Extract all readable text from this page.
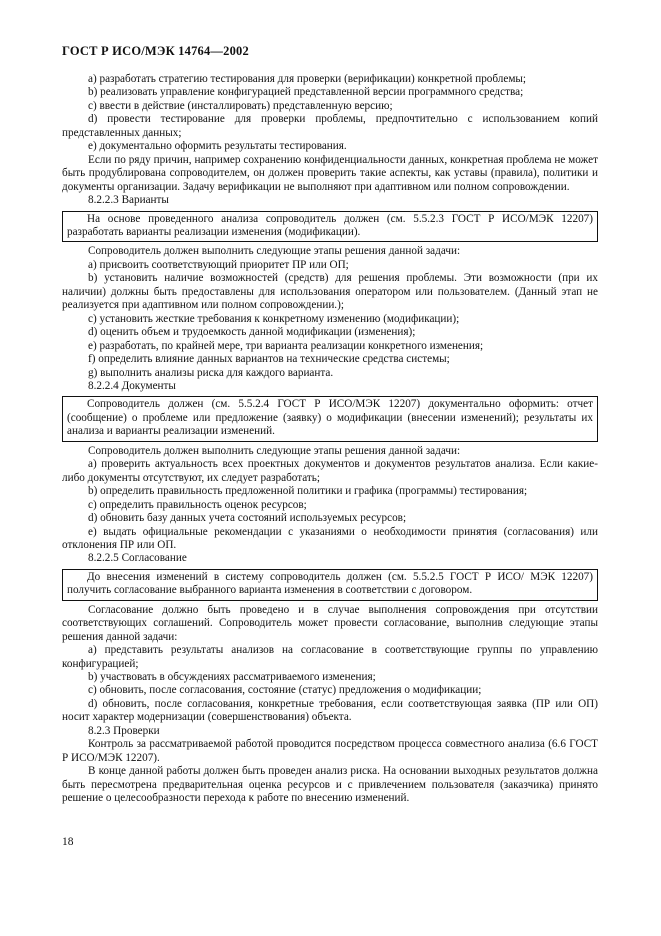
ГОСТ Р ИСО/МЭК 14764—2002

a) разработать стратегию тестирования для проверки (верификации) конкретной проблемы;

b) реализовать управление конфигурацией представленной версии программного средства;

c) ввести в действие (инсталлировать) представленную версию;

d) провести тестирование для проверки проблемы, предпочтительно с использованием копий представленных данных;

e) документально оформить результаты тестирования.

Если по ряду причин, например сохранению конфиденциальности данных, конкретная проблема не может быть продублирована сопроводителем, он должен проверить такие аспекты, как уставы (правила), политики и документы организации. Задачу верификации не выполняют при адаптивном или полном сопровождении.

8.2.2.3 Варианты

На основе проведенного анализа сопроводитель должен (см. 5.5.2.3 ГОСТ Р ИСО/МЭК 12207) разработать варианты реализации изменения (модификации).

Сопроводитель должен выполнить следующие этапы решения данной задачи:

a) присвоить соответствующий приоритет ПР или ОП;

b) установить наличие возможностей (средств) для решения проблемы. Эти возможности (при их наличии) должны быть предоставлены для использования оператором или пользователем. (Данный этап не реализуется при адаптивном или полном сопровождении.);

c) установить жесткие требования к конкретному изменению (модификации);

d) оценить объем и трудоемкость данной модификации (изменения);

e) разработать, по крайней мере, три варианта реализации конкретного изменения;

f) определить влияние данных вариантов на технические средства системы;

g) выполнить анализы риска для каждого варианта.

8.2.2.4 Документы

Сопроводитель должен (см. 5.5.2.4 ГОСТ Р ИСО/МЭК 12207) документально оформить: отчет (сообщение) о проблеме или предложение (заявку) о модификации (внесении изменений); результаты их анализа и варианты реализации изменений.

Сопроводитель должен выполнить следующие этапы решения данной задачи:

a) проверить актуальность всех проектных документов и документов результатов анализа. Если какие-либо документы отсутствуют, их следует разработать;

b) определить правильность предложенной политики и графика (программы) тестирования;

c) определить правильность оценок ресурсов;

d) обновить базу данных учета состояний используемых ресурсов;

e) выдать официальные рекомендации с указаниями о необходимости принятия (согласования) или отклонения ПР или ОП.

8.2.2.5 Согласование

До внесения изменений в систему сопроводитель должен (см. 5.5.2.5 ГОСТ Р ИСО/ МЭК 12207) получить согласование выбранного варианта изменения в соответствии с договором.

Согласование должно быть проведено и в случае выполнения сопровождения при отсутствии соответствующих соглашений. Сопроводитель может провести согласование, выполнив следующие этапы решения данной задачи:

a) представить результаты анализов на согласование в соответствующие группы по управлению конфигурацией;

b) участвовать в обсуждениях рассматриваемого изменения;

c) обновить, после согласования, состояние (статус) предложения о модификации;

d) обновить, после согласования, конкретные требования, если соответствующая заявка (ПР или ОП) носит характер модернизации (совершенствования) объекта.

8.2.3 Проверки

Контроль за рассматриваемой работой проводится посредством процесса совместного анализа (6.6 ГОСТ Р ИСО/МЭК 12207).

В конце данной работы должен быть проведен анализ риска. На основании выходных результатов должна быть пересмотрена предварительная оценка ресурсов и с привлечением пользователя (заказчика) принято решение о целесообразности перехода к работе по внесению изменений.

18
